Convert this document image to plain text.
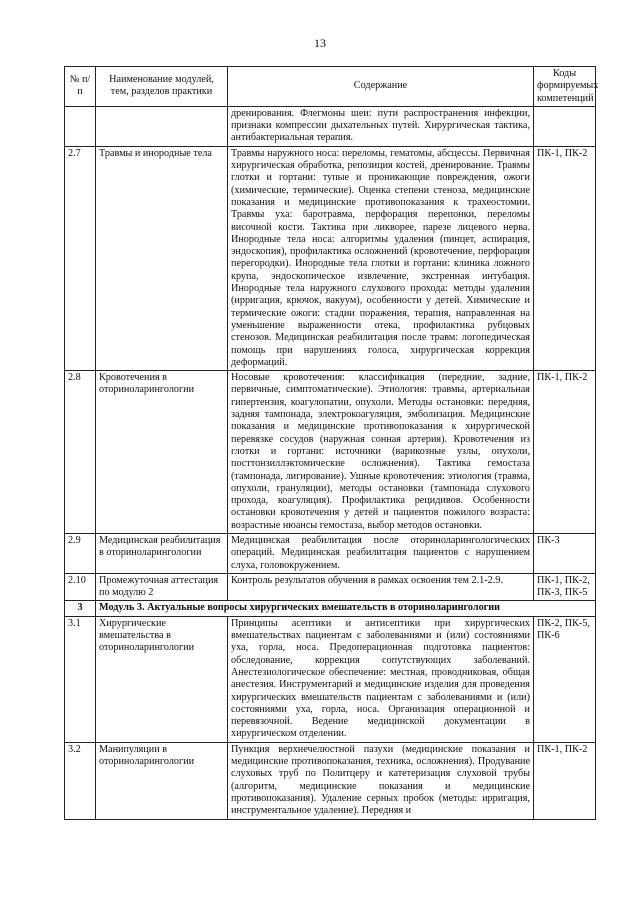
13
№ п/п	Наименование модулей, тем, разделов практики	Содержание	Коды формируемых компетенций
		дренирования. Флегмоны шеи: пути распространения инфекции, признаки компрессии дыхательных путей. Хирургическая тактика, антибактериальная терапия.	
2.7	Травмы и инородные тела	Травмы наружного носа: переломы, гематомы, абсцессы. Первичная хирургическая обработка, репозиция костей, дренирование. Травмы глотки и гортани: тупые и проникающие повреждения, ожоги (химические, термические). Оценка степени стеноза, медицинские показания и медицинские противопоказания к трахеостомии. Травмы уха: баротравма, перфорация перепонки, переломы височной кости. Тактика при ликворее, парезе лицевого нерва. Инородные тела носа: алгоритмы удаления (пинцет, аспирация, эндоскопия), профилактика осложнений (кровотечение, перфорация перегородки). Инородные тела глотки и гортани: клиника ложного крупа, эндоскопическое извлечение, экстренная интубация. Инородные тела наружного слухового прохода: методы удаления (ирригация, крючок, вакуум), особенности у детей. Химические и термические ожоги: стадии поражения, терапия, направленная на уменьшение выраженности отека, профилактика рубцовых стенозов. Медицинская реабилитация после травм: логопедическая помощь при нарушениях голоса, хирургическая коррекция деформаций.	ПК-1, ПК-2
2.8	Кровотечения в оториноларингологии	Носовые кровотечения: классификация (передние, задние, первичные, симптоматические). Этиология: травмы, артериальная гипертензия, коагулопатии, опухоли. Методы остановки: передняя, задняя тампонада, электрокоагуляция, эмболизация. Медицинские показания и медицинские противопоказания к хирургической перевязке сосудов (наружная сонная артерия). Кровотечения из глотки и гортани: источники (варикозные узлы, опухоли, посттонзиллэктомические осложнения). Тактика гемостаза (тампонада, лигирование). Ушные кровотечения: этиология (травма, опухоли, грануляции), методы остановки (тампонада слухового прохода, коагуляция). Профилактика рецидивов. Особенности остановки кровотечения у детей и пациентов пожилого возраста: возрастные нюансы гемостаза, выбор методов остановки.	ПК-1, ПК-2
2.9	Медицинская реабилитация в оториноларингологии	Медицинская реабилитация после оториноларингологических операций. Медицинская реабилитация пациентов с нарушением слуха, головокружением.	ПК-3
2.10	Промежуточная аттестация по модулю 2	Контроль результатов обучения в рамках освоения тем 2.1-2.9.	ПК-1, ПК-2, ПК-3, ПК-5
3	Модуль 3. Актуальные вопросы хирургических вмешательств в оториноларингологии		
3.1	Хирургические вмешательства в оториноларингологии	Принципы асептики и антисептики при хирургических вмешательствах пациентам с заболеваниями и (или) состояниями уха, горла, носа. Предоперационная подготовка пациентов: обследование, коррекция сопутствующих заболеваний. Анестезиологическое обеспечение: местная, проводниковая, общая анестезия. Инструментарий и медицинские изделия для проведения хирургических вмешательств пациентам с заболеваниями и (или) состояниями уха, горла, носа. Организация операционной и перевязочной. Ведение медицинской документации в хирургическом отделении.	ПК-2, ПК-5, ПК-6
3.2	Манипуляции в оториноларингологии	Пункция верхнечелюстной пазухи (медицинские показания и медицинские противопоказания, техника, осложнения). Продувание слуховых труб по Политцеру и катетеризация слуховой трубы (алгоритм, медицинские показания и медицинские противопоказания). Удаление серных пробок (методы: ирригация, инструментальное удаление). Передняя и	ПК-1, ПК-2
